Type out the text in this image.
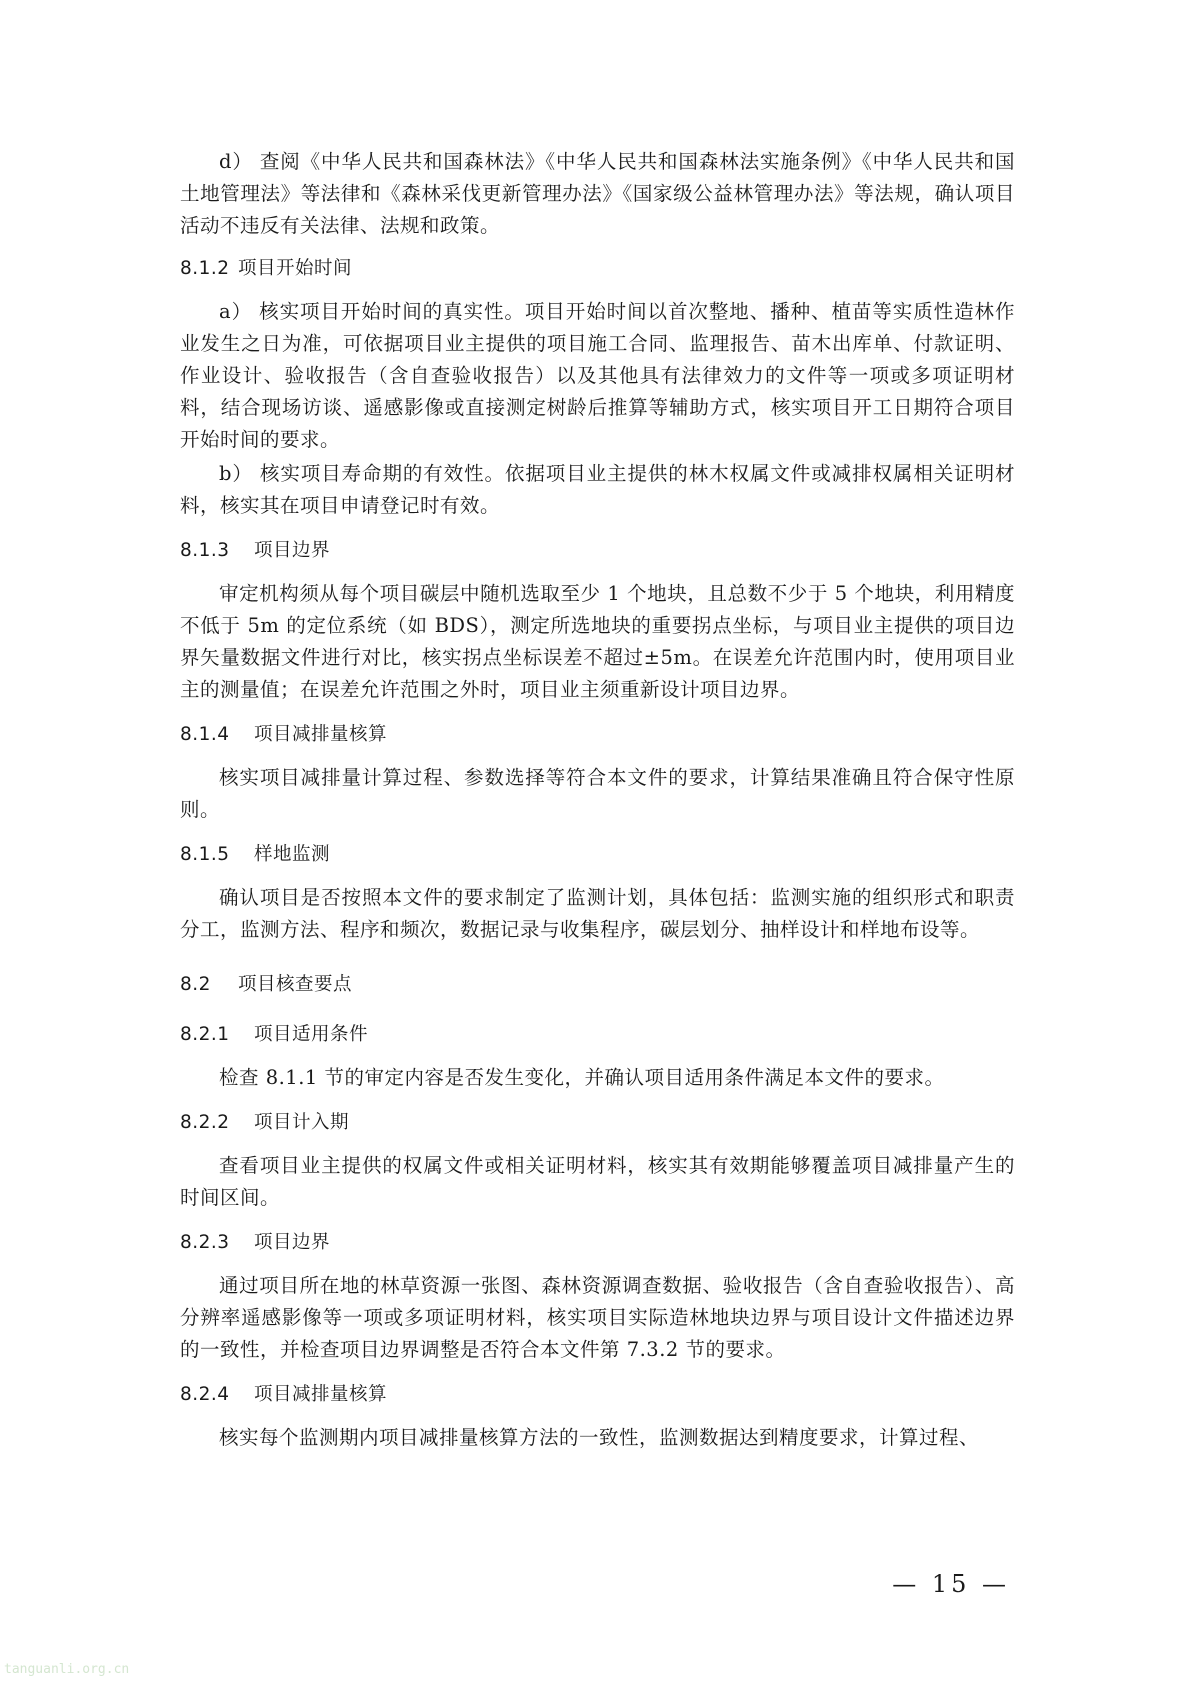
d） 查阅《中华人民共和国森林法》《中华人民共和国森林法实施条例》《中华人民共和国土地管理法》等法律和《森林采伐更新管理办法》《国家级公益林管理办法》等法规，确认项目活动不违反有关法律、法规和政策。

8.1.2 项目开始时间

a） 核实项目开始时间的真实性。项目开始时间以首次整地、播种、植苗等实质性造林作业发生之日为准，可依据项目业主提供的项目施工合同、监理报告、苗木出库单、付款证明、作业设计、验收报告（含自查验收报告）以及其他具有法律效力的文件等一项或多项证明材料，结合现场访谈、遥感影像或直接测定树龄后推算等辅助方式，核实项目开工日期符合项目开始时间的要求。

b） 核实项目寿命期的有效性。依据项目业主提供的林木权属文件或减排权属相关证明材料，核实其在项目申请登记时有效。

8.1.3 项目边界

审定机构须从每个项目碳层中随机选取至少 1 个地块，且总数不少于 5 个地块，利用精度不低于 5m 的定位系统（如 BDS），测定所选地块的重要拐点坐标，与项目业主提供的项目边界矢量数据文件进行对比，核实拐点坐标误差不超过±5m。在误差允许范围内时，使用项目业主的测量值；在误差允许范围之外时，项目业主须重新设计项目边界。

8.1.4 项目减排量核算

核实项目减排量计算过程、参数选择等符合本文件的要求，计算结果准确且符合保守性原则。

8.1.5 样地监测

确认项目是否按照本文件的要求制定了监测计划，具体包括：监测实施的组织形式和职责分工，监测方法、程序和频次，数据记录与收集程序，碳层划分、抽样设计和样地布设等。

8.2 项目核查要点
8.2.1 项目适用条件

检查 8.1.1 节的审定内容是否发生变化，并确认项目适用条件满足本文件的要求。

8.2.2 项目计入期

查看项目业主提供的权属文件或相关证明材料，核实其有效期能够覆盖项目减排量产生的时间区间。

8.2.3 项目边界

通过项目所在地的林草资源一张图、森林资源调查数据、验收报告（含自查验收报告）、高分辨率遥感影像等一项或多项证明材料，核实项目实际造林地块边界与项目设计文件描述边界的一致性，并检查项目边界调整是否符合本文件第 7.3.2 节的要求。

8.2.4 项目减排量核算

核实每个监测期内项目减排量核算方法的一致性，监测数据达到精度要求，计算过程、

— 15 —
tanguanli.org.cn
